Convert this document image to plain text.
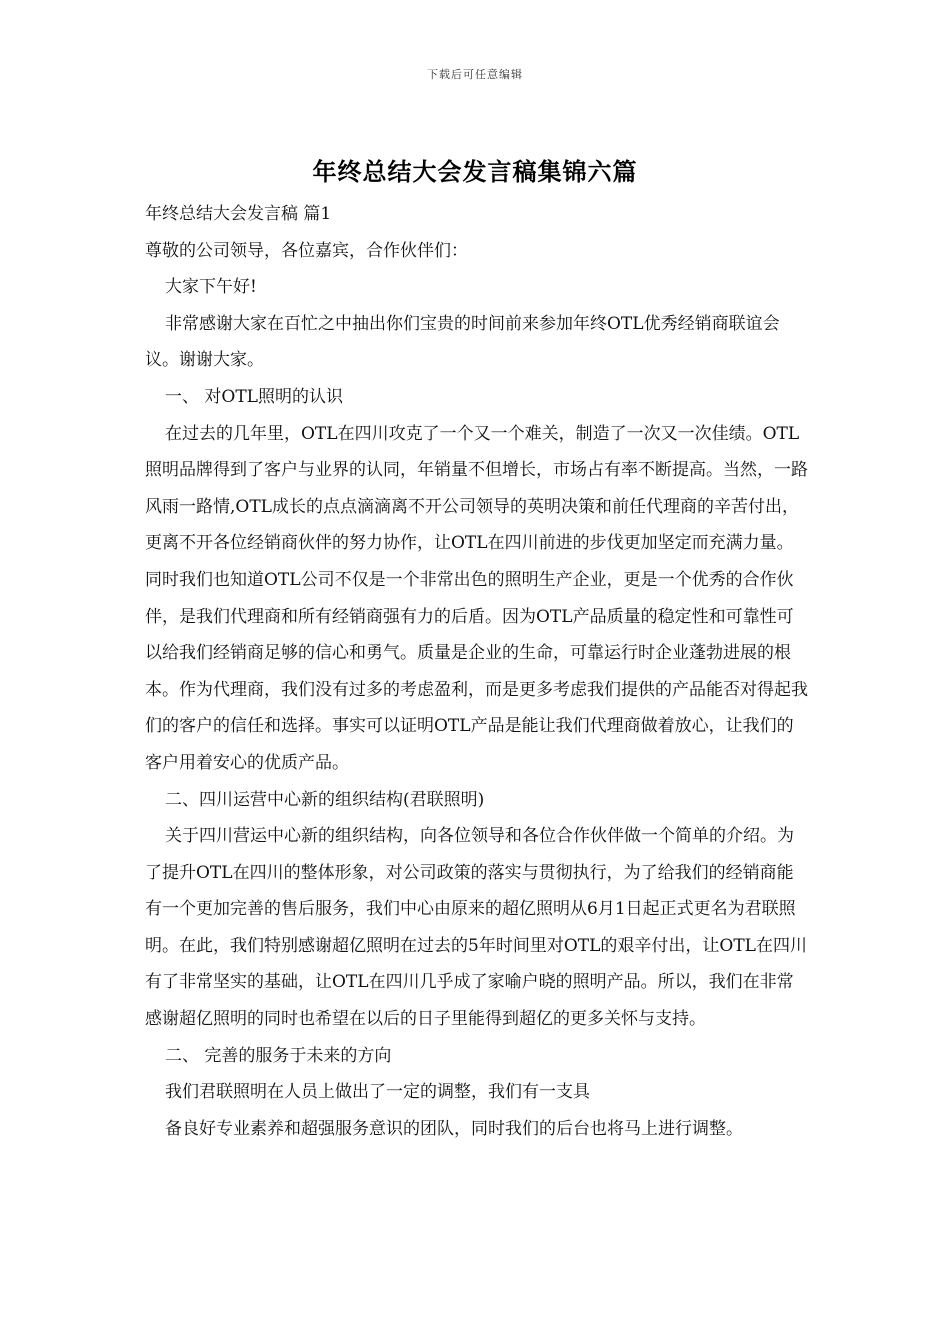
下载后可任意编辑
年终总结大会发言稿集锦六篇

年终总结大会发言稿 篇1

尊敬的公司领导，各位嘉宾，合作伙伴们：

大家下午好!

非常感谢大家在百忙之中抽出你们宝贵的时间前来参加年终OTL优秀经销商联谊会议。谢谢大家。

一、 对OTL照明的认识

在过去的几年里，OTL在四川攻克了一个又一个难关，制造了一次又一次佳绩。OTL照明品牌得到了客户与业界的认同，年销量不但增长，市场占有率不断提高。当然，一路风雨一路情,OTL成长的点点滴滴离不开公司领导的英明决策和前任代理商的辛苦付出，更离不开各位经销商伙伴的努力协作，让OTL在四川前进的步伐更加坚定而充满力量。同时我们也知道OTL公司不仅是一个非常出色的照明生产企业，更是一个优秀的合作伙伴，是我们代理商和所有经销商强有力的后盾。因为OTL产品质量的稳定性和可靠性可以给我们经销商足够的信心和勇气。质量是企业的生命，可靠运行时企业蓬勃进展的根本。作为代理商，我们没有过多的考虑盈利，而是更多考虑我们提供的产品能否对得起我们的客户的信任和选择。事实可以证明OTL产品是能让我们代理商做着放心，让我们的客户用着安心的优质产品。

二、四川运营中心新的组织结构(君联照明)

关于四川营运中心新的组织结构，向各位领导和各位合作伙伴做一个简单的介绍。为了提升OTL在四川的整体形象，对公司政策的落实与贯彻执行，为了给我们的经销商能有一个更加完善的售后服务，我们中心由原来的超亿照明从6月1日起正式更名为君联照明。在此，我们特别感谢超亿照明在过去的5年时间里对OTL的艰辛付出，让OTL在四川有了非常坚实的基础，让OTL在四川几乎成了家喻户晓的照明产品。所以，我们在非常感谢超亿照明的同时也希望在以后的日子里能得到超亿的更多关怀与支持。

二、 完善的服务于未来的方向

我们君联照明在人员上做出了一定的调整，我们有一支具

备良好专业素养和超强服务意识的团队，同时我们的后台也将马上进行调整。
